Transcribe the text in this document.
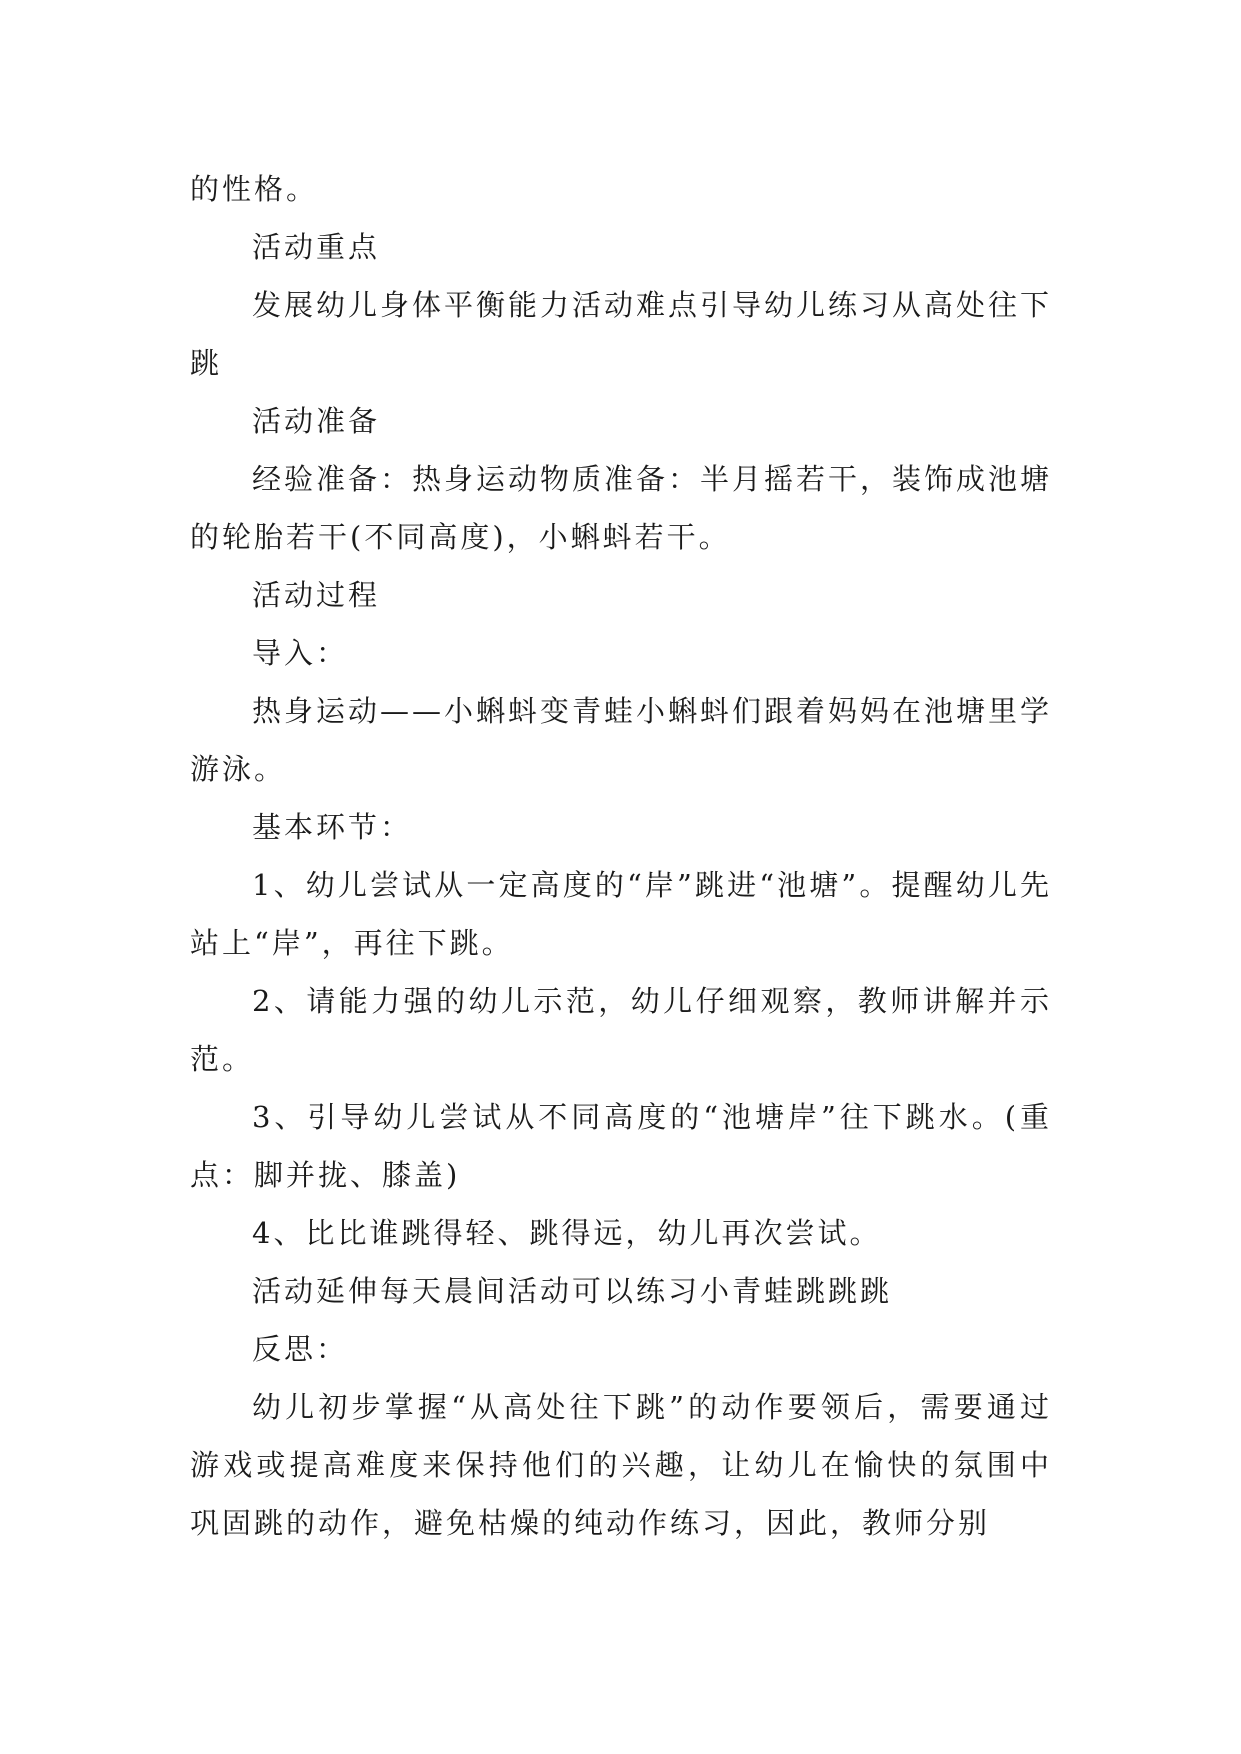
的性格。

活动重点

发展幼儿身体平衡能力活动难点引导幼儿练习从高处往下跳

活动准备

经验准备：热身运动物质准备：半月摇若干，装饰成池塘的轮胎若干(不同高度)，小蝌蚪若干。

活动过程

导入：

热身运动——小蝌蚪变青蛙小蝌蚪们跟着妈妈在池塘里学游泳。

基本环节：

1、幼儿尝试从一定高度的“岸”跳进“池塘”。提醒幼儿先站上“岸”，再往下跳。

2、请能力强的幼儿示范，幼儿仔细观察，教师讲解并示范。

3、引导幼儿尝试从不同高度的“池塘岸”往下跳水。(重点：脚并拢、膝盖)

4、比比谁跳得轻、跳得远，幼儿再次尝试。

活动延伸每天晨间活动可以练习小青蛙跳跳跳

反思：

幼儿初步掌握“从高处往下跳”的动作要领后，需要通过游戏或提高难度来保持他们的兴趣，让幼儿在愉快的氛围中巩固跳的动作，避免枯燥的纯动作练习，因此，教师分别
